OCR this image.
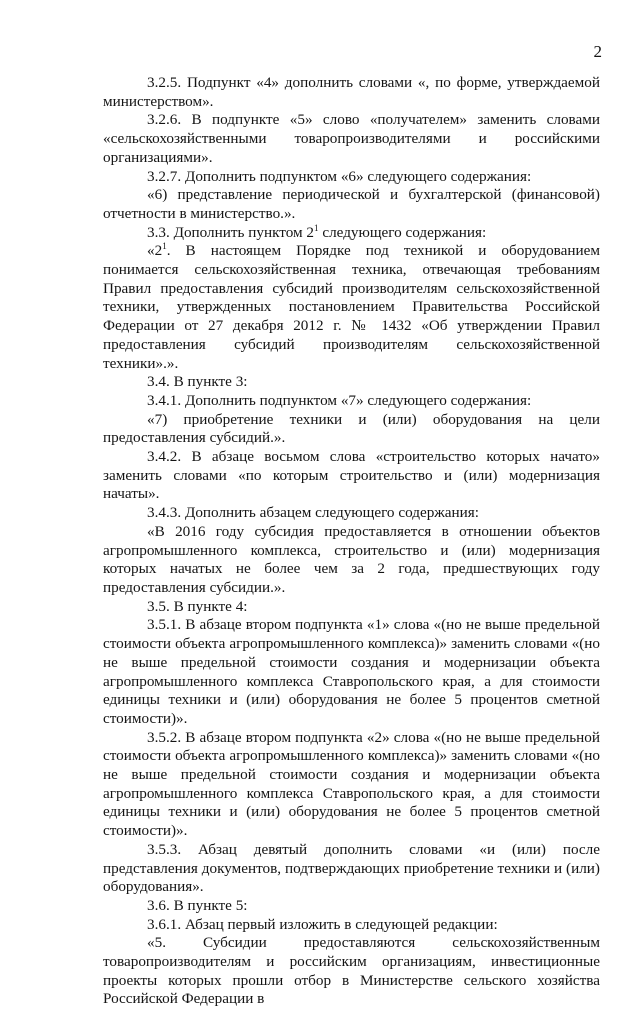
2

3.2.5. Подпункт «4» дополнить словами «, по форме, утверждаемой министерством».

3.2.6. В подпункте «5» слово «получателем» заменить словами «сельскохозяйственными товаропроизводителями и российскими организациями».

3.2.7. Дополнить подпунктом «6» следующего содержания:

«6) представление периодической и бухгалтерской (финансовой) отчетности в министерство.».

3.3. Дополнить пунктом $2^1$ следующего содержания:

«$2^1$. В настоящем Порядке под техникой и оборудованием понимается сельскохозяйственная техника, отвечающая требованиям Правил предоставления субсидий производителям сельскохозяйственной техники, утвержденных постановлением Правительства Российской Федерации от 27 декабря 2012 г. № 1432 «Об утверждении Правил предоставления субсидий производителям сельскохозяйственной техники».».

3.4. В пункте 3:

3.4.1. Дополнить подпунктом «7» следующего содержания:

«7) приобретение техники и (или) оборудования на цели предоставления субсидий.».

3.4.2. В абзаце восьмом слова «строительство которых начато» заменить словами «по которым строительство и (или) модернизация начаты».

3.4.3. Дополнить абзацем следующего содержания:

«В 2016 году субсидия предоставляется в отношении объектов агропромышленного комплекса, строительство и (или) модернизация которых начатых не более чем за 2 года, предшествующих году предоставления субсидии.».

3.5. В пункте 4:

3.5.1. В абзаце втором подпункта «1» слова «(но не выше предельной стоимости объекта агропромышленного комплекса)» заменить словами «(но не выше предельной стоимости создания и модернизации объекта агропромышленного комплекса Ставропольского края, а для стоимости единицы техники и (или) оборудования не более 5 процентов сметной стоимости)».

3.5.2. В абзаце втором подпункта «2» слова «(но не выше предельной стоимости объекта агропромышленного комплекса)» заменить словами «(но не выше предельной стоимости создания и модернизации объекта агропромышленного комплекса Ставропольского края, а для стоимости единицы техники и (или) оборудования не более 5 процентов сметной стоимости)».

3.5.3. Абзац девятый дополнить словами «и (или) после представления документов, подтверждающих приобретение техники и (или) оборудования».

3.6. В пункте 5:

3.6.1. Абзац первый изложить в следующей редакции:

«5. Субсидии предоставляются сельскохозяйственным товаропроизводителям и российским организациям, инвестиционные проекты которых прошли отбор в Министерстве сельского хозяйства Российской Федерации в
